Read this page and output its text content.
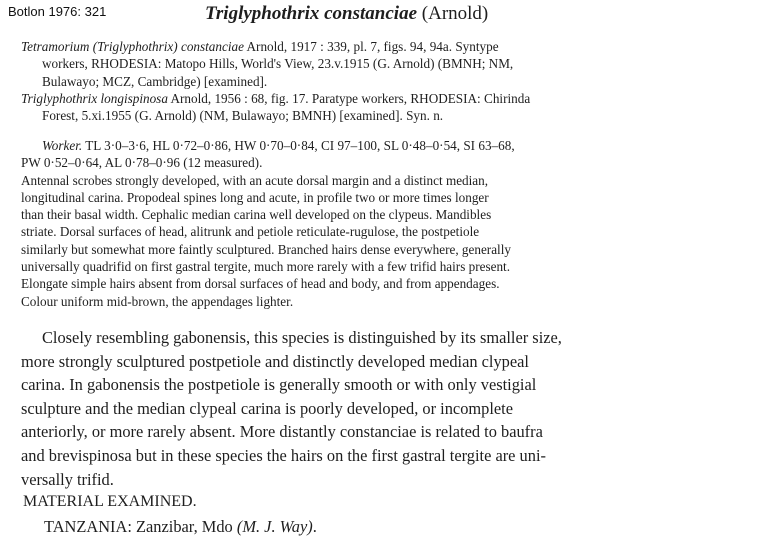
Botlon 1976: 321	Triglyphothrix constanciae (Arnold)
Tetramorium (Triglyphothrix) constanciae Arnold, 1917 : 339, pl. 7, figs. 94, 94a. Syntype
workers, RHODESIA: Matopo Hills, World's View, 23.v.1915 (G. Arnold) (BMNH; NM,
Bulawayo; MCZ, Cambridge) [examined].
Triglyphothrix longispinosa Arnold, 1956 : 68, fig. 17. Paratype workers, RHODESIA: Chirinda
Forest, 5.xi.1955 (G. Arnold) (NM, Bulawayo; BMNH) [examined]. Syn. n.
Worker. TL 3·0–3·6, HL 0·72–0·86, HW 0·70–0·84, CI 97–100, SL 0·48–0·54, SI 63–68,
PW 0·52–0·64, AL 0·78–0·96 (12 measured).
Antennal scrobes strongly developed, with an acute dorsal margin and a distinct median,
longitudinal carina. Propodeal spines long and acute, in profile two or more times longer
than their basal width. Cephalic median carina well developed on the clypeus. Mandibles
striate. Dorsal surfaces of head, alitrunk and petiole reticulate-rugulose, the postpetiole
similarly but somewhat more faintly sculptured. Branched hairs dense everywhere, generally
universally quadrifid on first gastral tergite, much more rarely with a few trifid hairs present.
Elongate simple hairs absent from dorsal surfaces of head and body, and from appendages.
Colour uniform mid-brown, the appendages lighter.
Closely resembling gabonensis, this species is distinguished by its smaller size,
more strongly sculptured postpetiole and distinctly developed median clypeal
carina. In gabonensis the postpetiole is generally smooth or with only vestigial
sculpture and the median clypeal carina is poorly developed, or incomplete
anteriorly, or more rarely absent. More distantly constanciae is related to baufra
and brevispinosa but in these species the hairs on the first gastral tergite are uni-
versally trifid.
MATERIAL EXAMINED.
TANZANIA: Zanzibar, Mdo (M. J. Way).
